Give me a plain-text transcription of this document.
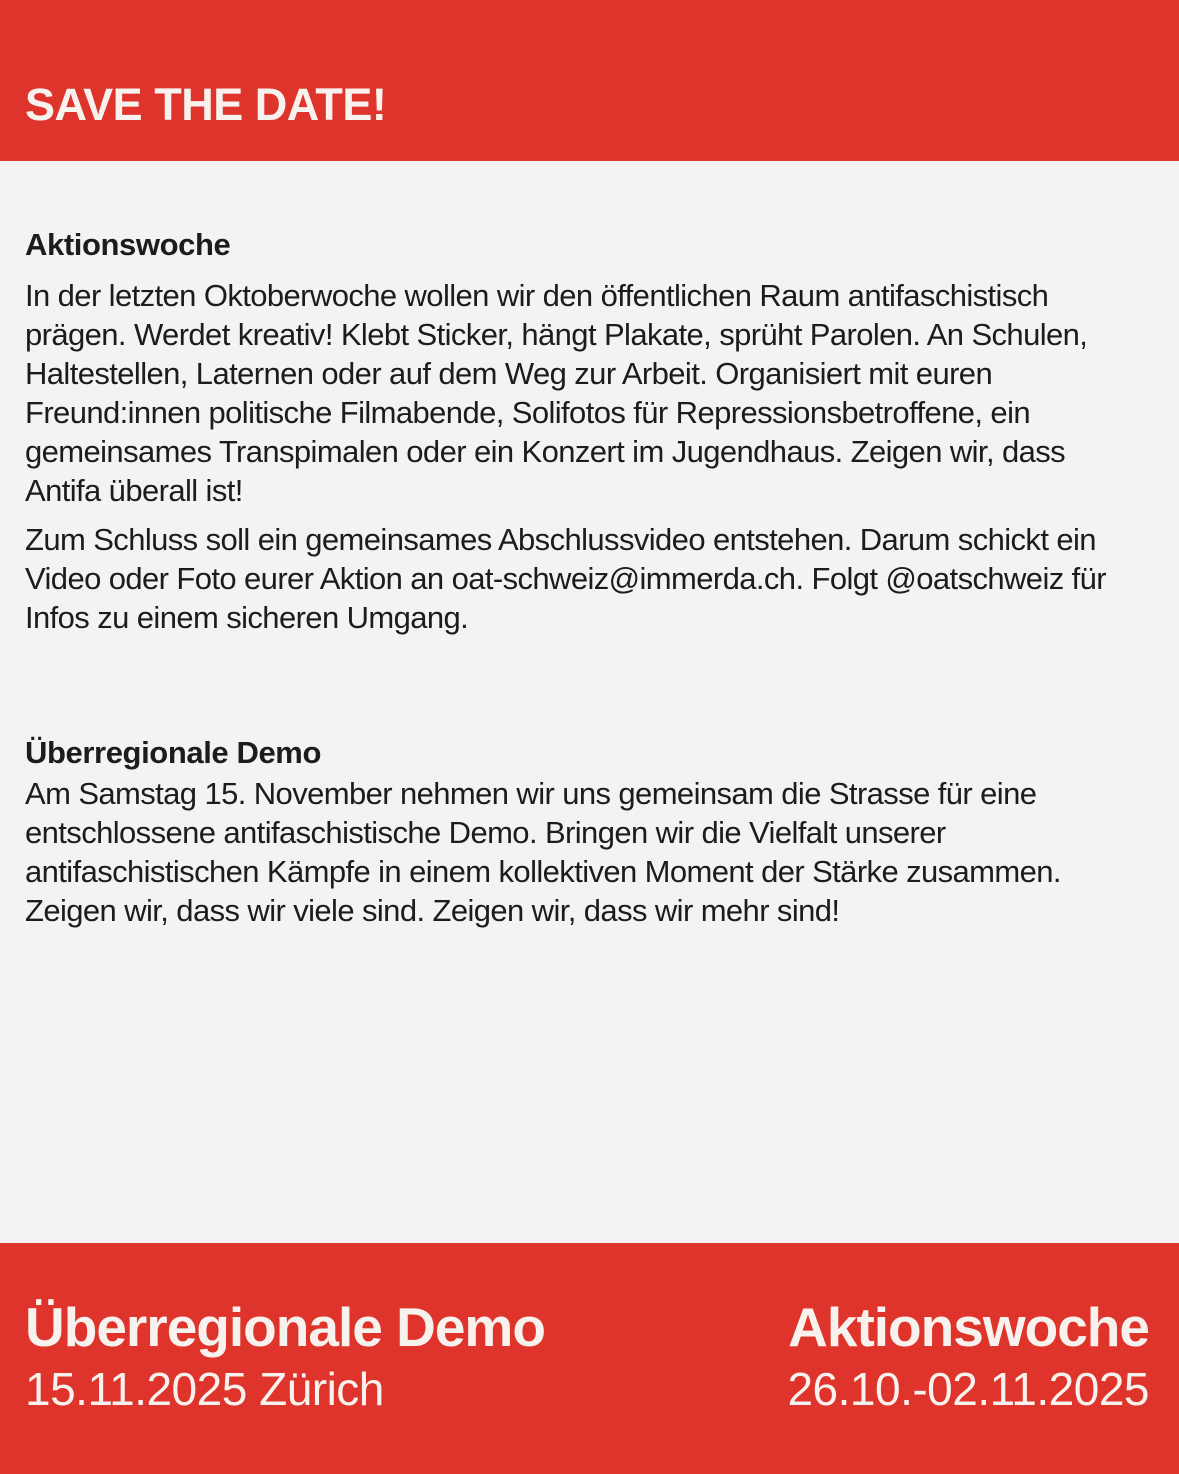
SAVE THE DATE!
Aktionswoche

In der letzten Oktoberwoche wollen wir den öffentlichen Raum antifaschistisch prägen. Werdet kreativ! Klebt Sticker, hängt Plakate, sprüht Parolen. An Schulen, Haltestellen, Laternen oder auf dem Weg zur Arbeit. Organisiert mit euren Freund:innen politische Filmabende, Solifotos für Repressionsbetroffene, ein gemeinsames Transpimalen oder ein Konzert im Jugendhaus. Zeigen wir, dass Antifa überall ist!

Zum Schluss soll ein gemeinsames Abschlussvideo entstehen. Darum schickt ein Video oder Foto eurer Aktion an oat-schweiz@immerda.ch. Folgt @oatschweiz für Infos zu einem sicheren Umgang.

Überregionale Demo

Am Samstag 15. November nehmen wir uns gemeinsam die Strasse für eine entschlossene antifaschistische Demo. Bringen wir die Vielfalt unserer antifaschistischen Kämpfe in einem kollektiven Moment der Stärke zusammen. Zeigen wir, dass wir viele sind. Zeigen wir, dass wir mehr sind!

Überregionale Demo
15.11.2025 Zürich
Aktionswoche
26.10.-02.11.2025
